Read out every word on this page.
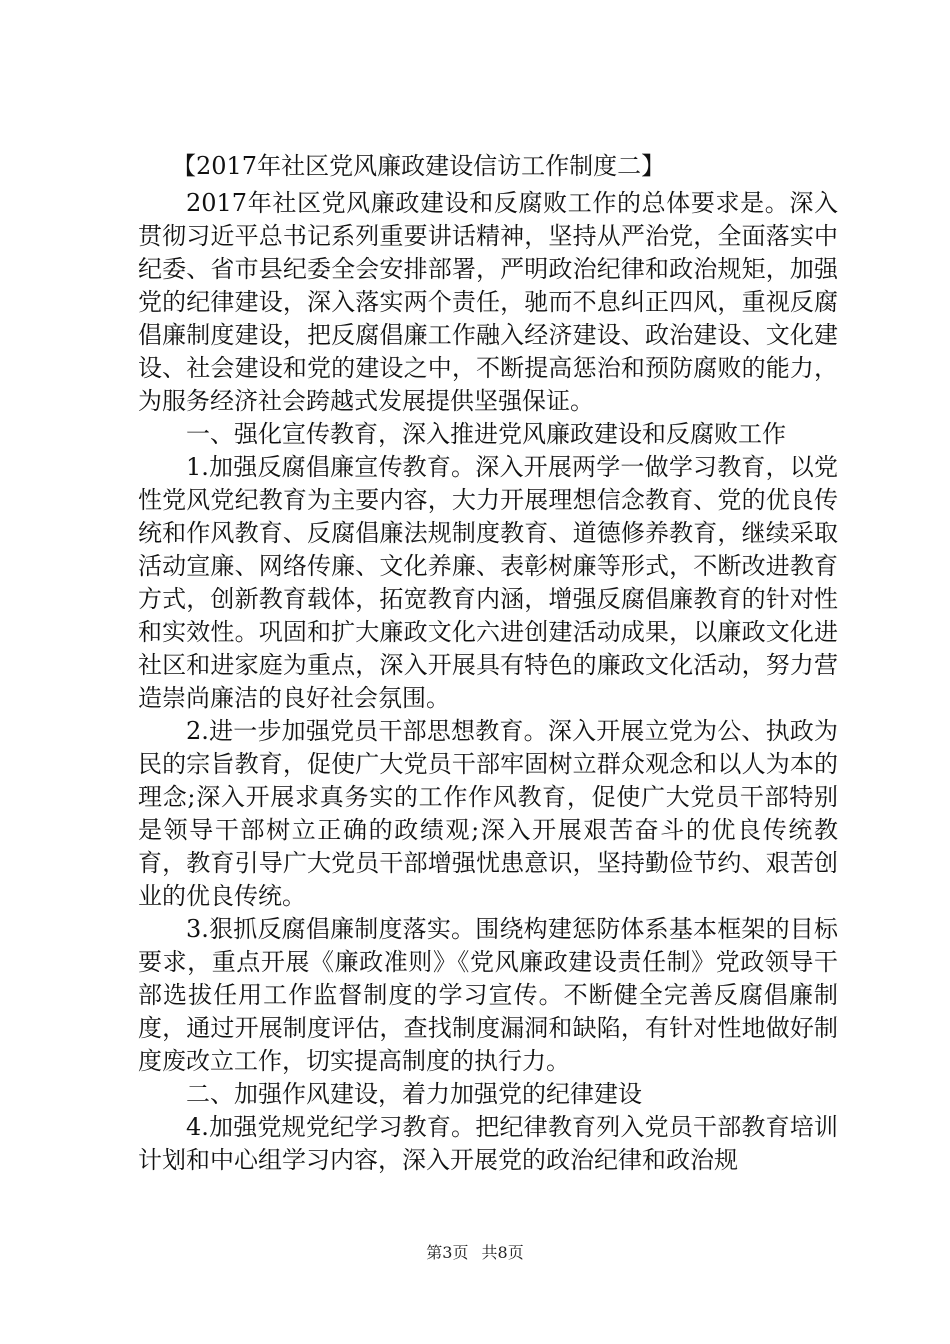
【2017年社区党风廉政建设信访工作制度二】

2017年社区党风廉政建设和反腐败工作的总体要求是。深入贯彻习近平总书记系列重要讲话精神，坚持从严治党，全面落实中纪委、省市县纪委全会安排部署，严明政治纪律和政治规矩，加强党的纪律建设，深入落实两个责任，驰而不息纠正四风，重视反腐倡廉制度建设，把反腐倡廉工作融入经济建设、政治建设、文化建设、社会建设和党的建设之中，不断提高惩治和预防腐败的能力，为服务经济社会跨越式发展提供坚强保证。

一、强化宣传教育，深入推进党风廉政建设和反腐败工作

1.加强反腐倡廉宣传教育。深入开展两学一做学习教育，以党性党风党纪教育为主要内容，大力开展理想信念教育、党的优良传统和作风教育、反腐倡廉法规制度教育、道德修养教育，继续采取活动宣廉、网络传廉、文化养廉、表彰树廉等形式，不断改进教育方式，创新教育载体，拓宽教育内涵，增强反腐倡廉教育的针对性和实效性。巩固和扩大廉政文化六进创建活动成果，以廉政文化进社区和进家庭为重点，深入开展具有特色的廉政文化活动，努力营造崇尚廉洁的良好社会氛围。

2.进一步加强党员干部思想教育。深入开展立党为公、执政为民的宗旨教育，促使广大党员干部牢固树立群众观念和以人为本的理念;深入开展求真务实的工作作风教育，促使广大党员干部特别是领导干部树立正确的政绩观;深入开展艰苦奋斗的优良传统教育，教育引导广大党员干部增强忧患意识，坚持勤俭节约、艰苦创业的优良传统。

3.狠抓反腐倡廉制度落实。围绕构建惩防体系基本框架的目标要求，重点开展《廉政准则》《党风廉政建设责任制》党政领导干部选拔任用工作监督制度的学习宣传。不断健全完善反腐倡廉制度，通过开展制度评估，查找制度漏洞和缺陷，有针对性地做好制度废改立工作，切实提高制度的执行力。

二、加强作风建设，着力加强党的纪律建设

4.加强党规党纪学习教育。把纪律教育列入党员干部教育培训计划和中心组学习内容，深入开展党的政治纪律和政治规

第3页 共8页
